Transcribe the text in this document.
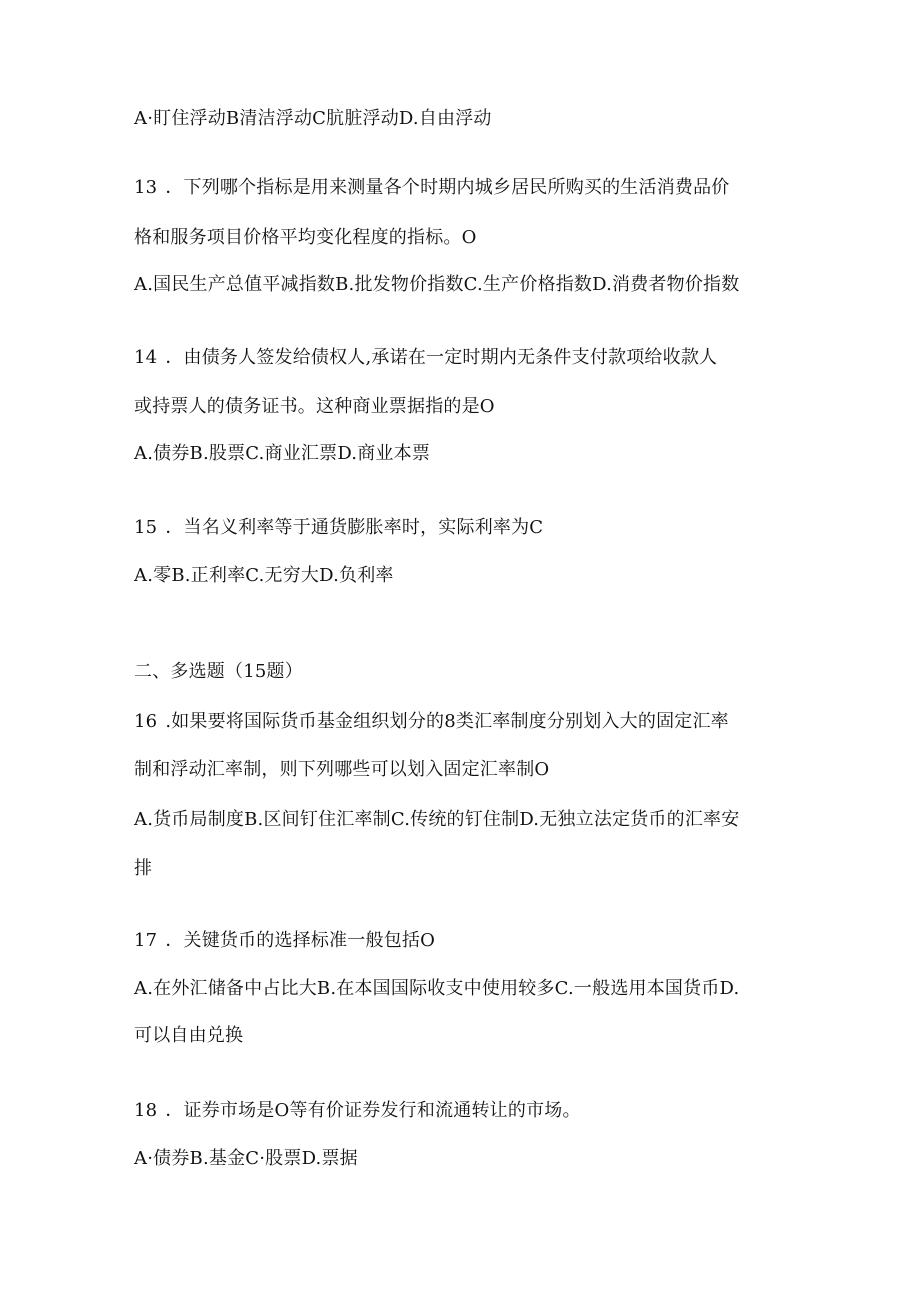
A·盯住浮动B清洁浮动C肮脏浮动D.自由浮动
13 ．下列哪个指标是用来测量各个时期内城乡居民所购买的生活消费品价
格和服务项目价格平均变化程度的指标。O
A.国民生产总值平减指数B.批发物价指数C.生产价格指数D.消费者物价指数
14 ．由债务人签发给债权人,承诺在一定时期内无条件支付款项给收款人
或持票人的债务证书。这种商业票据指的是O
A.债券B.股票C.商业汇票D.商业本票
15 ．当名义利率等于通货膨胀率时，实际利率为C
A.零B.正利率C.无穷大D.负利率
二、多选题（15题）
16 .如果要将国际货币基金组织划分的8类汇率制度分别划入大的固定汇率
制和浮动汇率制，则下列哪些可以划入固定汇率制O
A.货币局制度B.区间钉住汇率制C.传统的钉住制D.无独立法定货币的汇率安
排
17 ．关键货币的选择标准一般包括O
A.在外汇储备中占比大B.在本国国际收支中使用较多C.一般选用本国货币D.
可以自由兑换
18 ．证券市场是O等有价证券发行和流通转让的市场。
A·债券B.基金C·股票D.票据
